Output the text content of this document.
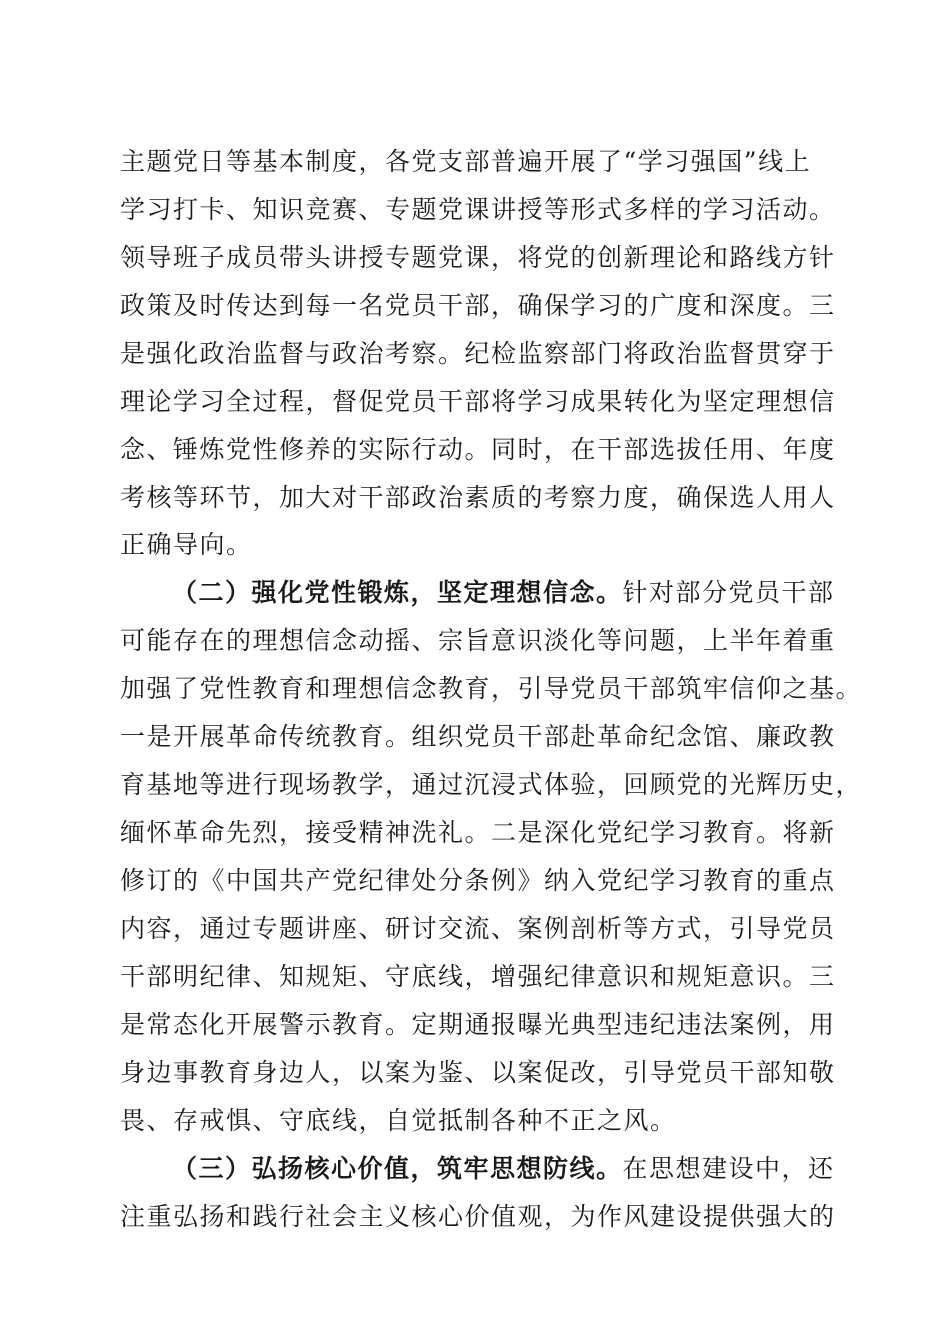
主题党日等基本制度，各党支部普遍开展了“学习强国”线上
学习打卡、知识竞赛、专题党课讲授等形式多样的学习活动。
领导班子成员带头讲授专题党课，将党的创新理论和路线方针
政策及时传达到每一名党员干部，确保学习的广度和深度。三
是强化政治监督与政治考察。纪检监察部门将政治监督贯穿于
理论学习全过程，督促党员干部将学习成果转化为坚定理想信
念、锤炼党性修养的实际行动。同时，在干部选拔任用、年度
考核等环节，加大对干部政治素质的考察力度，确保选人用人
正确导向。
（二）强化党性锻炼，坚定理想信念。针对部分党员干部
可能存在的理想信念动摇、宗旨意识淡化等问题，上半年着重
加强了党性教育和理想信念教育，引导党员干部筑牢信仰之基。
一是开展革命传统教育。组织党员干部赴革命纪念馆、廉政教
育基地等进行现场教学，通过沉浸式体验，回顾党的光辉历史，
缅怀革命先烈，接受精神洗礼。二是深化党纪学习教育。将新
修订的《中国共产党纪律处分条例》纳入党纪学习教育的重点
内容，通过专题讲座、研讨交流、案例剖析等方式，引导党员
干部明纪律、知规矩、守底线，增强纪律意识和规矩意识。三
是常态化开展警示教育。定期通报曝光典型违纪违法案例，用
身边事教育身边人，以案为鉴、以案促改，引导党员干部知敬
畏、存戒惧、守底线，自觉抵制各种不正之风。
（三）弘扬核心价值，筑牢思想防线。在思想建设中，还
注重弘扬和践行社会主义核心价值观，为作风建设提供强大的
